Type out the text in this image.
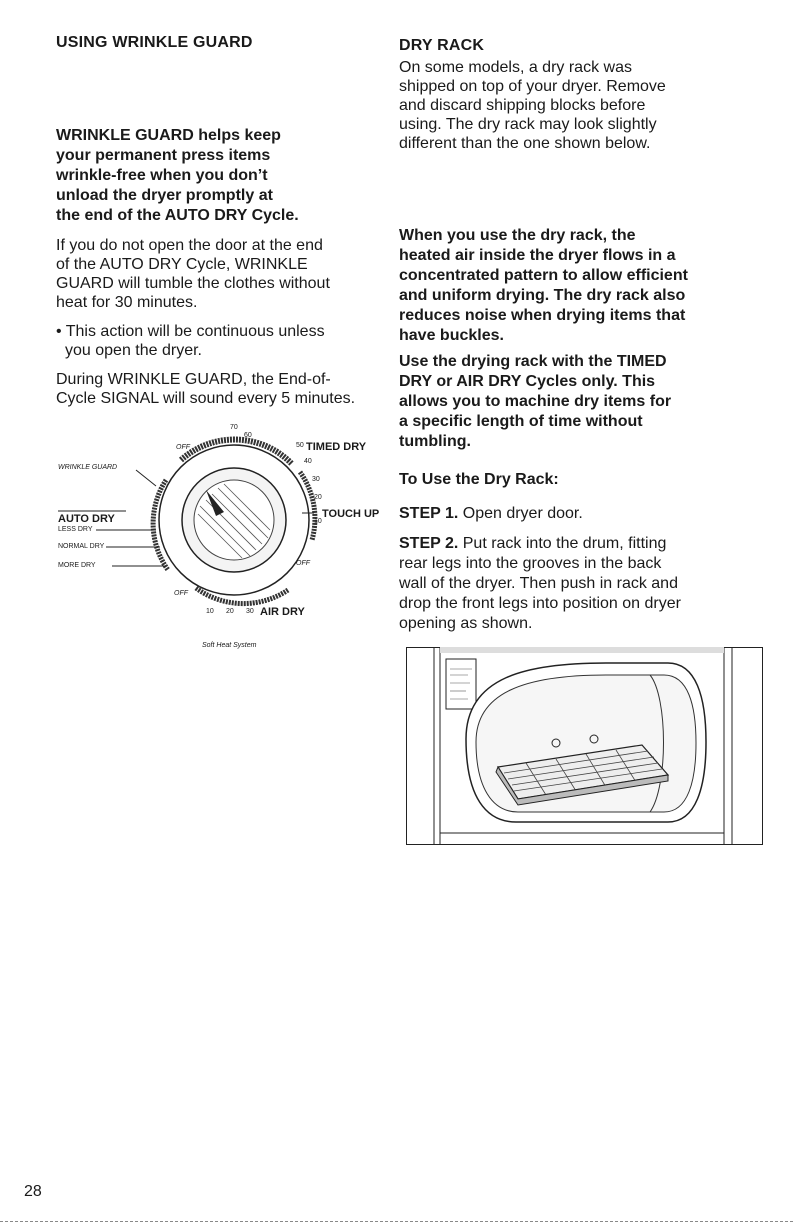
USING WRINKLE GUARD

WRINKLE GUARD helps keep

your permanent press items

wrinkle-free when you don’t

unload the dryer promptly at

the end of the AUTO DRY Cycle.

If you do not open the door at the end

of the AUTO DRY Cycle, WRINKLE

GUARD will tumble the clothes without

heat for 30 minutes.

• This action will be continuous unless

you open the dryer.

During WRINKLE GUARD, the End-of-

Cycle SIGNAL will sound every 5 minutes.

70
60
OFF	50 TIMED DRY
40
30
20
10
TOUCH UP
WRINKLE GUARD
AUTO DRY
LESS DRY
NORMAL DRY
MORE DRY	OFF
OFF
10 20 30 AIR DRY
Soft Heat System
DRY RACK

On some models, a dry rack was

shipped on top of your dryer. Remove

and discard shipping blocks before

using. The dry rack may look slightly

different than the one shown below.

When you use the dry rack, the

heated air inside the dryer flows in a

concentrated pattern to allow efficient

and uniform drying. The dry rack also

reduces noise when drying items that

have buckles.

Use the drying rack with the TIMED

DRY or AIR DRY Cycles only. This

allows you to machine dry items for

a specific length of time without

tumbling.

To Use the Dry Rack:

STEP 1. Open dryer door.

STEP 2. Put rack into the drum, fitting

rear legs into the grooves in the back

wall of the dryer. Then push in rack and

drop the front legs into position on dryer

opening as shown.

28
